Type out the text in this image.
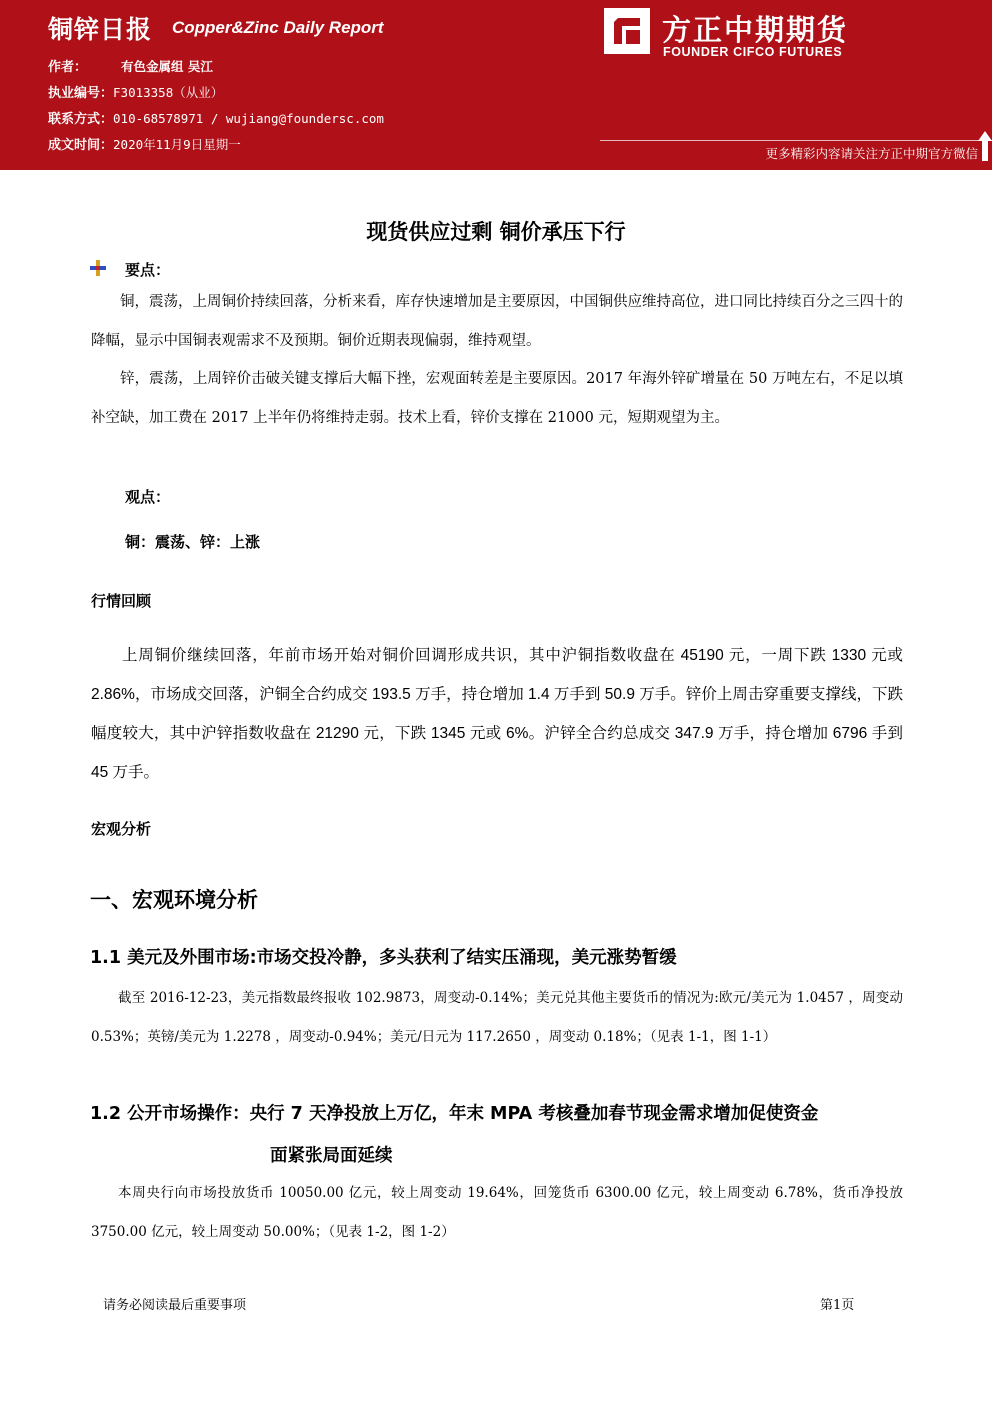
铜锌日报 Copper&Zinc Daily Report
作者：	有色金属组 吴江
执业编号：F3013358（从业）
联系方式：010-68578971 / wujiang@foundersc.com
成文时间：2020年11月9日星期一
方正中期期货
FOUNDER CIFCO FUTURES
更多精彩内容请关注方正中期官方微信
现货供应过剩 铜价承压下行
要点：
铜，震荡，上周铜价持续回落，分析来看，库存快速增加是主要原因，中国铜供应维持高位，进口同比持续百分之三四十的降幅，显示中国铜表观需求不及预期。铜价近期表现偏弱，维持观望。
锌，震荡，上周锌价击破关键支撑后大幅下挫，宏观面转差是主要原因。2017 年海外锌矿增量在 50 万吨左右，不足以填补空缺，加工费在 2017 上半年仍将维持走弱。技术上看，锌价支撑在 21000 元，短期观望为主。
观点：
铜：震荡、锌：上涨
行情回顾
上周铜价继续回落，年前市场开始对铜价回调形成共识，其中沪铜指数收盘在 45190 元，一周下跌 1330 元或 2.86%，市场成交回落，沪铜全合约成交 193.5 万手，持仓增加 1.4 万手到 50.9 万手。锌价上周击穿重要支撑线，下跌幅度较大，其中沪锌指数收盘在 21290 元，下跌 1345 元或 6%。沪锌全合约总成交 347.9 万手，持仓增加 6796 手到 45 万手。
宏观分析
一、宏观环境分析
1.1 美元及外围市场:市场交投冷静，多头获利了结实压涌现，美元涨势暂缓
截至 2016-12-23，美元指数最终报收 102.9873，周变动-0.14%；美元兑其他主要货币的情况为:欧元/美元为 1.0457 ，周变动 0.53%；英镑/美元为 1.2278 ，周变动-0.94%；美元/日元为 117.2650 ，周变动 0.18%；（见表 1-1，图 1-1）
1.2 公开市场操作：央行 7 天净投放上万亿，年末 MPA 考核叠加春节现金需求增加促使资金
面紧张局面延续
本周央行向市场投放货币 10050.00 亿元，较上周变动 19.64%，回笼货币 6300.00 亿元，较上周变动 6.78%，货币净投放 3750.00 亿元，较上周变动 50.00%；（见表 1-2，图 1-2）
请务必阅读最后重要事项	第1页
